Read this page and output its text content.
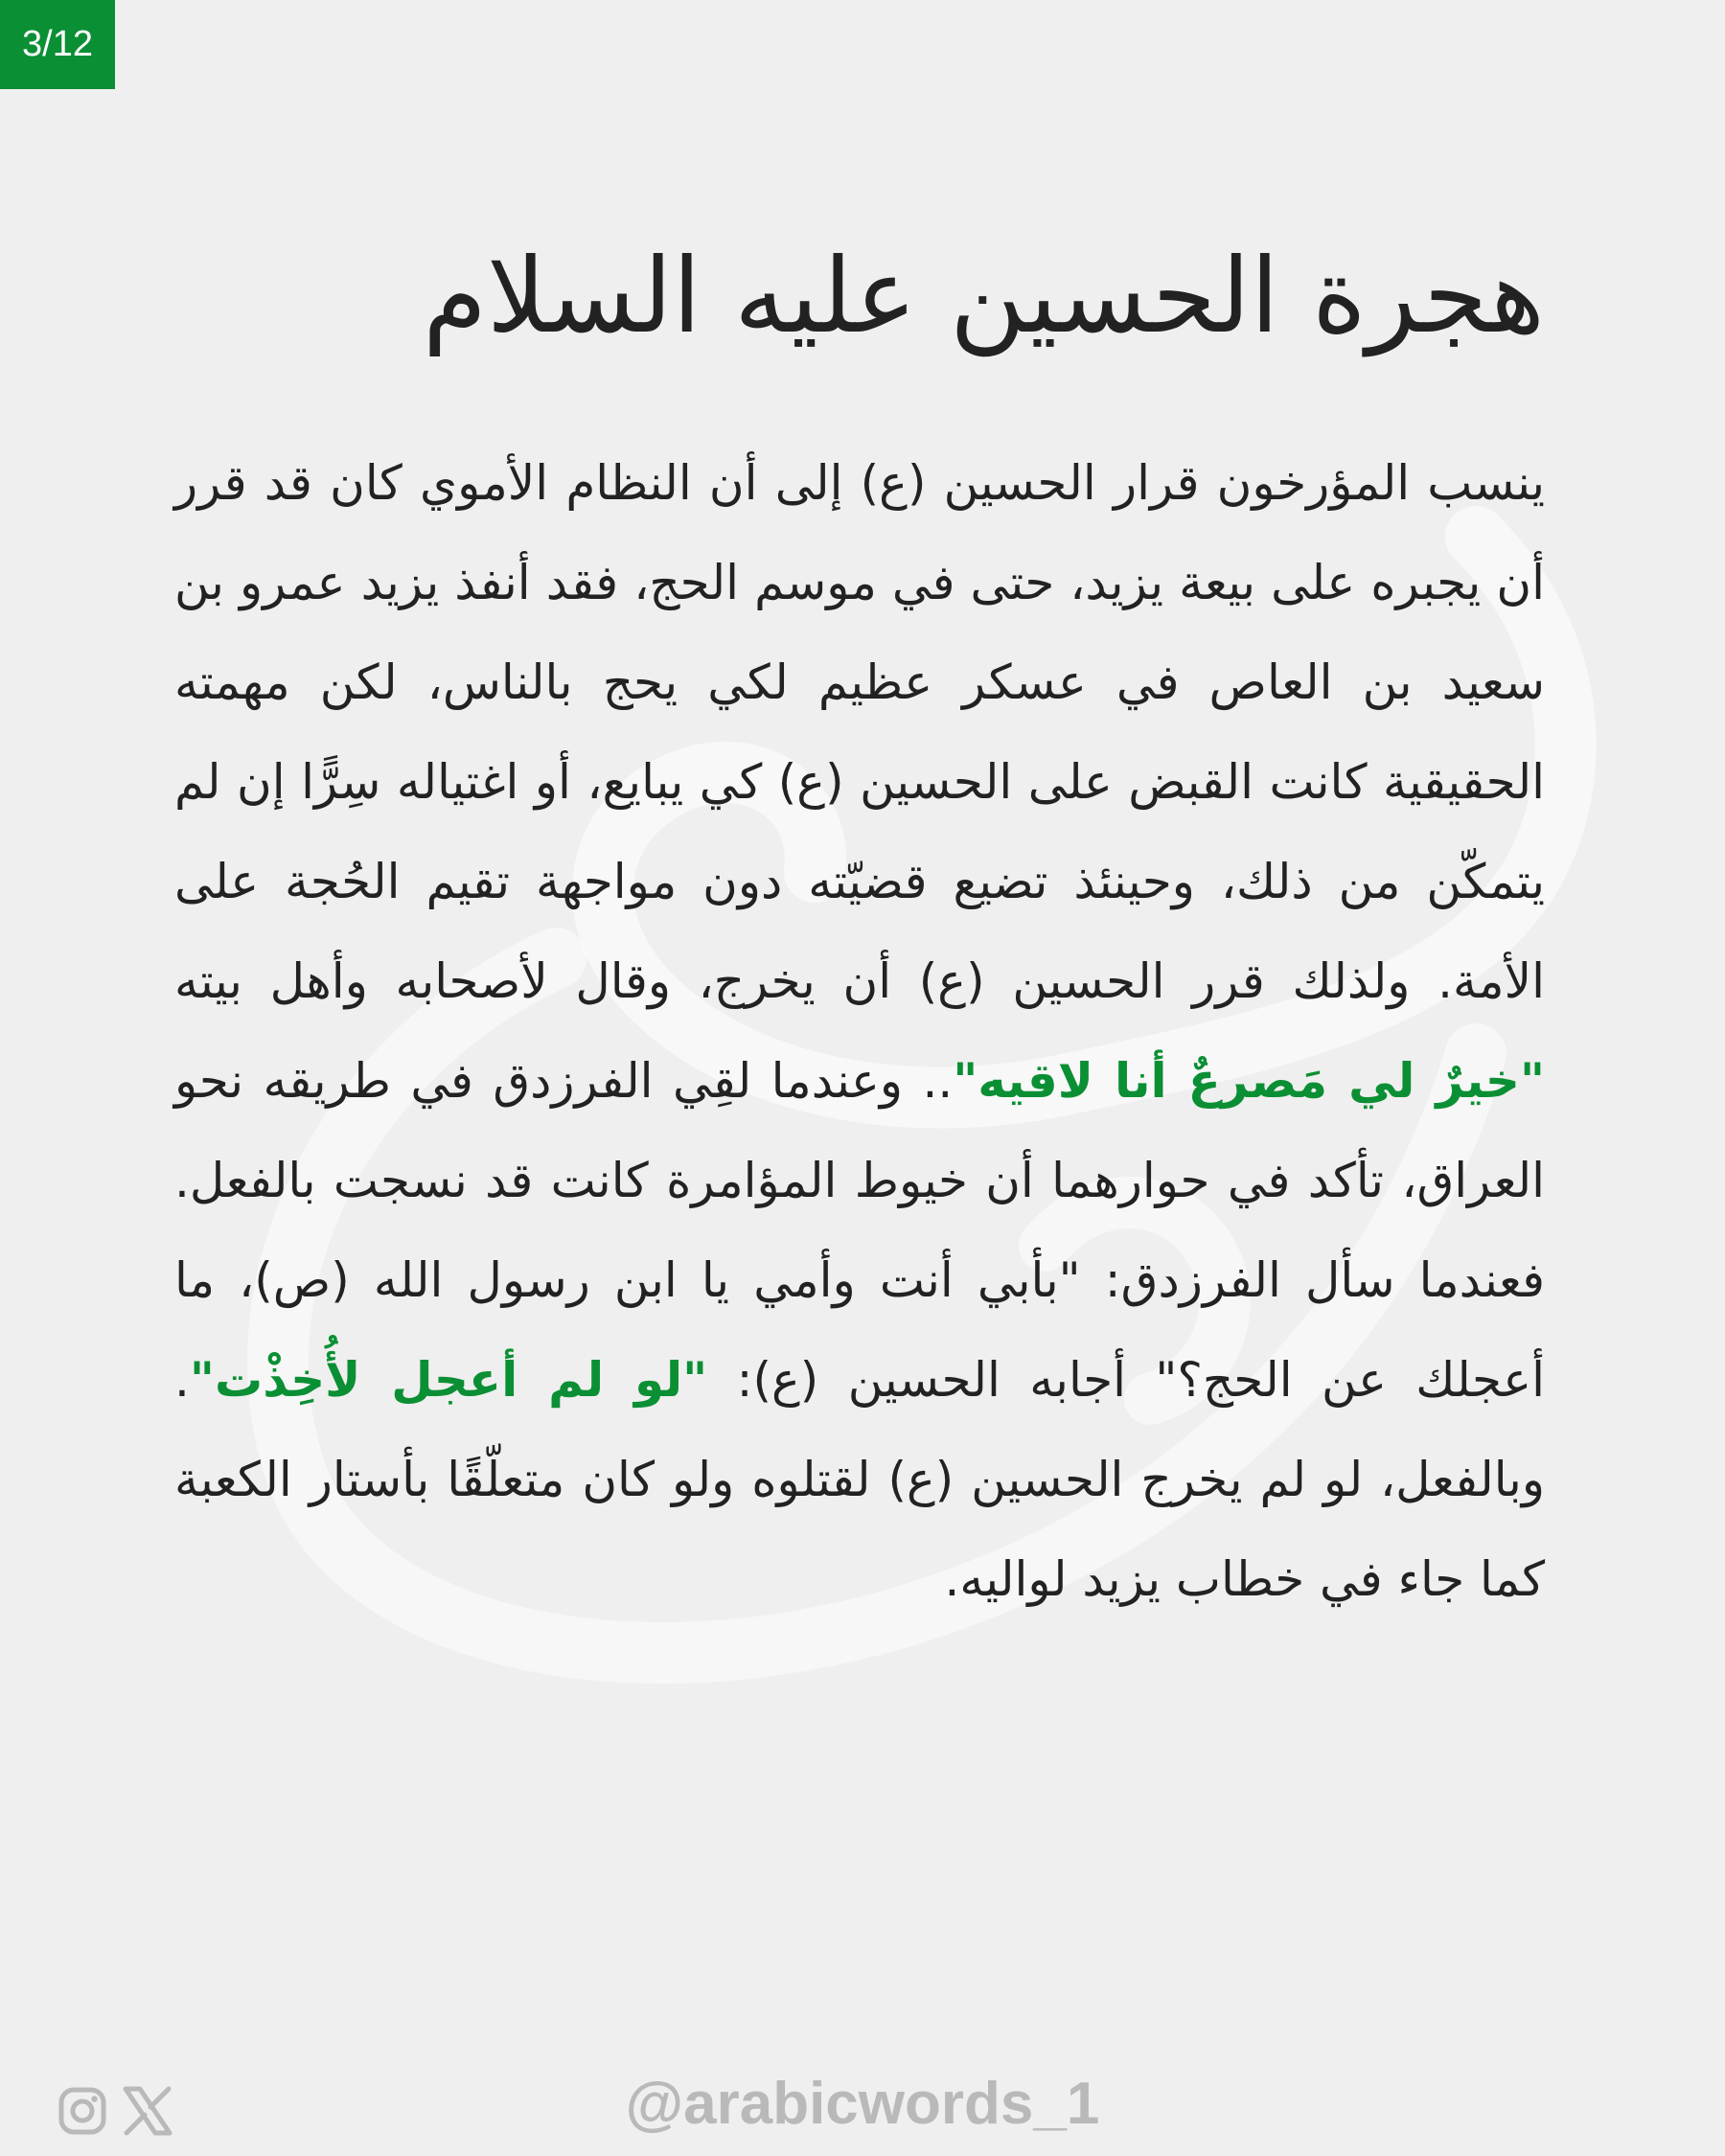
3/12
هجرة الحسين عليه السلام

ينسب المؤرخون قرار الحسين (ع) إلى أن النظام الأموي كان قد قرر أن يجبره على بيعة يزيد، حتى في موسم الحج، فقد أنفذ يزيد عمرو بن سعيد بن العاص في عسكر عظيم لكي يحج بالناس، لكن مهمته الحقيقية كانت القبض على الحسين (ع) كي يبايع، أو اغتياله سِرًّا إن لم يتمكّن من ذلك، وحينئذ تضيع قضيّته دون مواجهة تقيم الحُجة على الأمة. ولذلك قرر الحسين (ع) أن يخرج، وقال لأصحابه وأهل بيته "خيرٌ لي مَصرعٌ أنا لاقيه".. وعندما لقِي الفرزدق في طريقه نحو العراق، تأكد في حوارهما أن خيوط المؤامرة كانت قد نسجت بالفعل. فعندما سأل الفرزدق: "بأبي أنت وأمي يا ابن رسول الله (ص)، ما أعجلك عن الحج؟" أجابه الحسين (ع): "لو لم أعجل لأُخِذْت". وبالفعل، لو لم يخرج الحسين (ع) لقتلوه ولو كان متعلّقًا بأستار الكعبة كما جاء في خطاب يزيد لواليه.

@arabicwords_1
